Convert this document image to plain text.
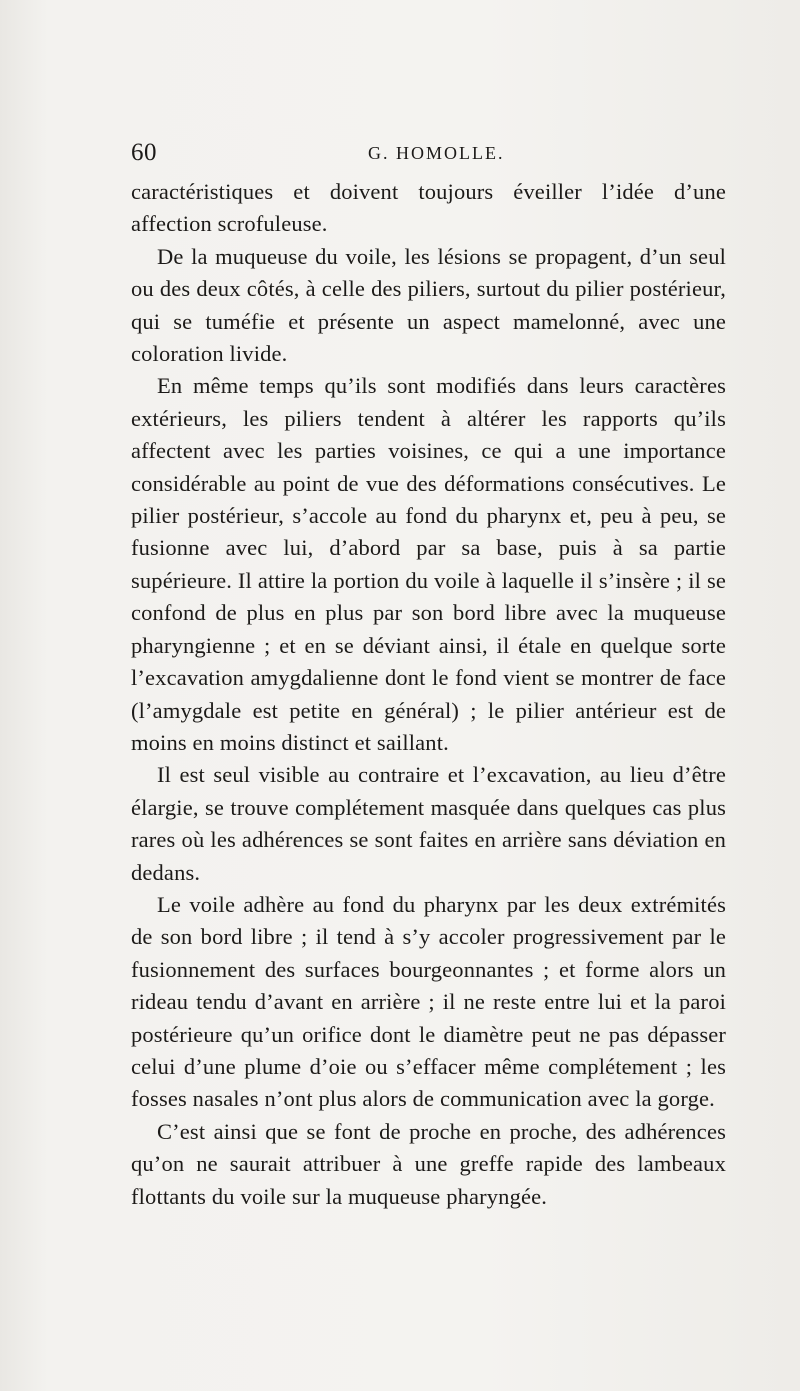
60	G. HOMOLLE.

caractéristiques et doivent toujours éveiller l’idée d’une affection scrofuleuse.

De la muqueuse du voile, les lésions se propagent, d’un seul ou des deux côtés, à celle des piliers, surtout du pilier postérieur, qui se tuméfie et présente un aspect mamelonné, avec une coloration livide.

En même temps qu’ils sont modifiés dans leurs caractères extérieurs, les piliers tendent à altérer les rapports qu’ils affectent avec les parties voisines, ce qui a une importance considérable au point de vue des déformations consécutives. Le pilier postérieur, s’accole au fond du pharynx et, peu à peu, se fusionne avec lui, d’abord par sa base, puis à sa partie supérieure. Il attire la portion du voile à laquelle il s’insère ; il se confond de plus en plus par son bord libre avec la muqueuse pharyngienne ; et en se déviant ainsi, il étale en quelque sorte l’excavation amygdalienne dont le fond vient se montrer de face (l’amygdale est petite en général) ; le pilier antérieur est de moins en moins distinct et saillant.

Il est seul visible au contraire et l’excavation, au lieu d’être élargie, se trouve complétement masquée dans quelques cas plus rares où les adhérences se sont faites en arrière sans déviation en dedans.

Le voile adhère au fond du pharynx par les deux extrémités de son bord libre ; il tend à s’y accoler progressivement par le fusionnement des surfaces bourgeonnantes ; et forme alors un rideau tendu d’avant en arrière ; il ne reste entre lui et la paroi postérieure qu’un orifice dont le diamètre peut ne pas dépasser celui d’une plume d’oie ou s’effacer même complétement ; les fosses nasales n’ont plus alors de communication avec la gorge.

C’est ainsi que se font de proche en proche, des adhérences qu’on ne saurait attribuer à une greffe rapide des lambeaux flottants du voile sur la muqueuse pharyngée.
